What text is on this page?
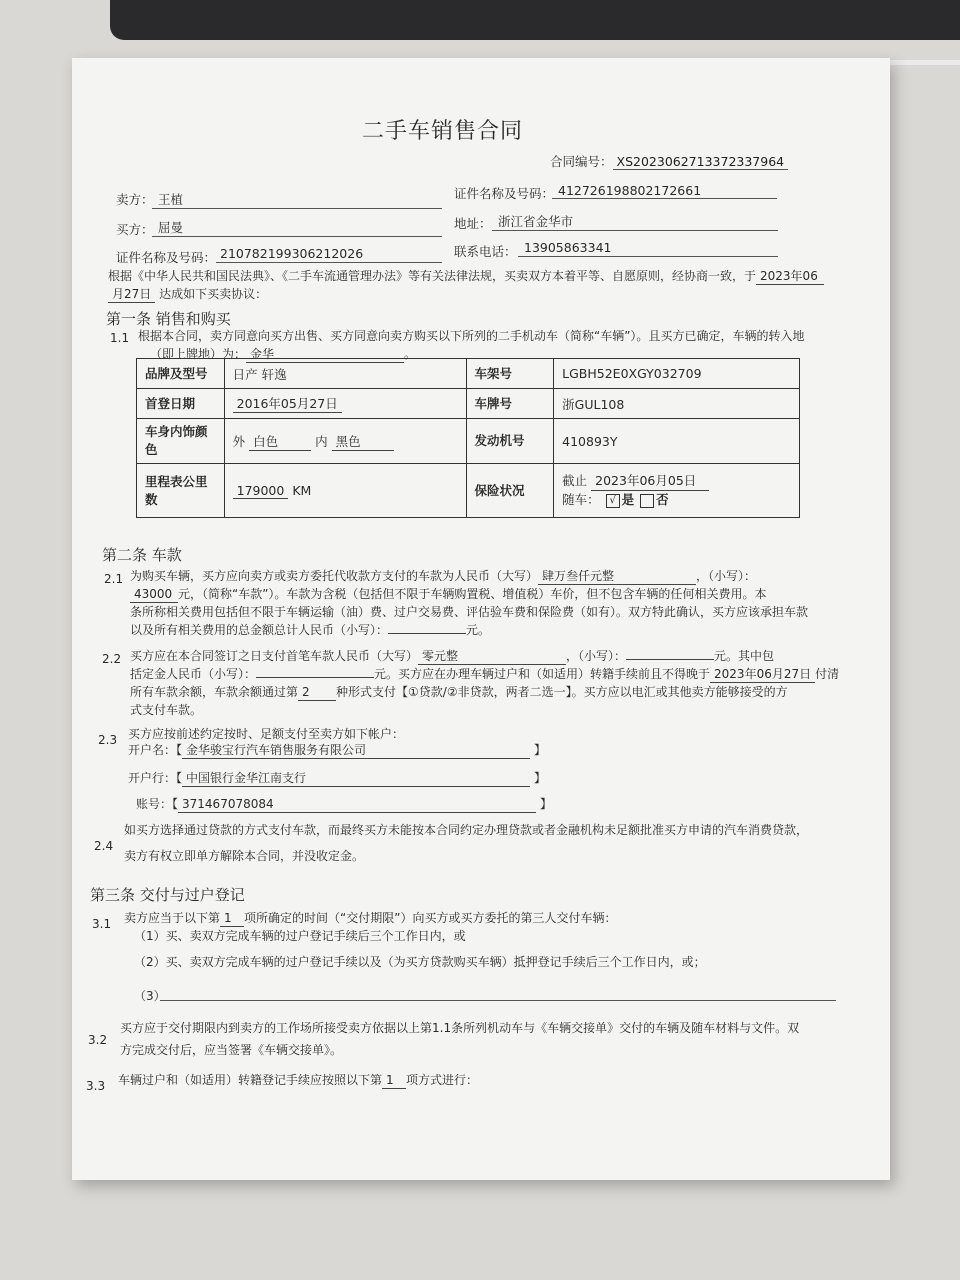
二手车销售合同
合同编号： XS2023062713372337964
卖方： 王植	证件名称及号码： 412726198802172661
买方： 屈曼	地址： 浙江省金华市
证件名称及号码： 210782199306212026	联系电话： 13905863341
根据《中华人民共和国民法典》、《二手车流通管理办法》等有关法律法规，买卖双方本着平等、自愿原则，经协商一致，于 2023年06
月27日 达成如下买卖协议：
第一条 销售和购买
1.1 根据本合同，卖方同意向买方出售、买方同意向卖方购买以下所列的二手机动车（简称“车辆”）。且买方已确定，车辆的转入地
（即上牌地）为： 金华	。
品牌及型号	日产 轩逸	车架号	LGBH52E0XGY032709
首登日期	2016年05月27日	车牌号	浙GUL108
车身内饰颜色	外 白色 内 黑色	发动机号	410893Y
里程表公里数	179000 KM	保险状况	截止 2023年06月05日
随车： √ 是 否
第二条 车款
2.1 为购买车辆，买方应向卖方或卖方委托代收款方支付的车款为人民币（大写） 肆万叁仟元整	，（小写）：
43000 元，（简称“车款”）。车款为含税（包括但不限于车辆购置税、增值税）车价，但不包含车辆的任何相关费用。本
条所称相关费用包括但不限于车辆运输（油）费、过户交易费、评估验车费和保险费（如有）。双方特此确认，买方应该承担车款
以及所有相关费用的总金额总计人民币（小写）：	元。
2.2 买方应在本合同签订之日支付首笔车款人民币（大写） 零元整	，（小写）：	元。其中包
括定金人民币（小写）：	元。买方应在办理车辆过户和（如适用）转籍手续前且不得晚于 2023年06月27日 付清
所有车款余额，车款余额通过第 2 种形式支付【①贷款/②非贷款，两者二选一】。买方应以电汇或其他卖方能够接受的方
式支付车款。
2.3 买方应按前述约定按时、足额支付至卖方如下帐户：
开户名：【 金华骏宝行汽车销售服务有限公司	】
开户行：【 中国银行金华江南支行	】
账号：【 371467078084	】
2.4
如买方选择通过贷款的方式支付车款，而最终买方未能按本合同约定办理贷款或者金融机构未足额批准买方申请的汽车消费贷款，
卖方有权立即单方解除本合同，并没收定金。
第三条 交付与过户登记
3.1 卖方应当于以下第 1 项所确定的时间（“交付期限”）向买方或买方委托的第三人交付车辆：
（1）买、卖双方完成车辆的过户登记手续后三个工作日内，或
（2）买、卖双方完成车辆的过户登记手续以及（为买方贷款购买车辆）抵押登记手续后三个工作日内，或；
（3）
3.2
买方应于交付期限内到卖方的工作场所接受卖方依据以上第1.1条所列机动车与《车辆交接单》交付的车辆及随车材料与文件。双
方完成交付后，应当签署《车辆交接单》。
3.3 车辆过户和（如适用）转籍登记手续应按照以下第 1 项方式进行：
